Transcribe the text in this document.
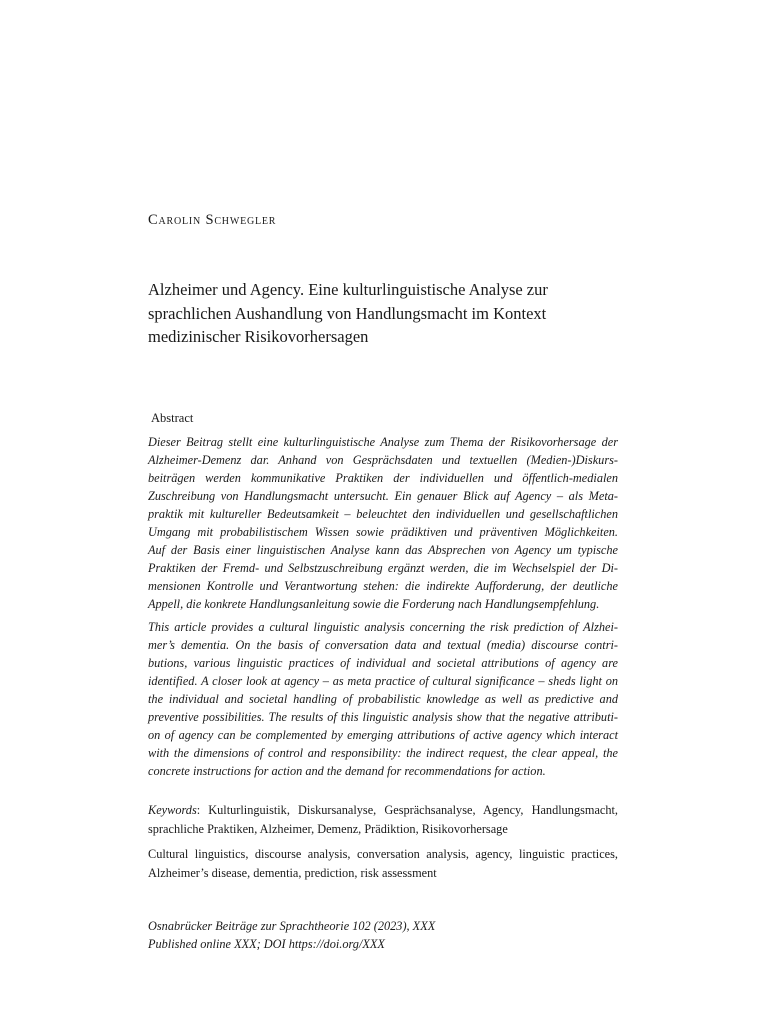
Carolin Schwegler
Alzheimer und Agency. Eine kulturlinguistische Analyse zur
sprachlichen Aushandlung von Handlungsmacht im Kontext
medizinischer Risikovorhersagen
Abstract
Dieser Beitrag stellt eine kulturlinguistische Analyse zum Thema der Risikovorhersage der
Alzheimer-Demenz dar. Anhand von Gesprächsdaten und textuellen (Medien-)Diskurs-
beiträgen werden kommunikative Praktiken der individuellen und öffentlich-medialen
Zuschreibung von Handlungsmacht untersucht. Ein genauer Blick auf Agency – als Meta-
praktik mit kultureller Bedeutsamkeit – beleuchtet den individuellen und gesellschaftlichen
Umgang mit probabilistischem Wissen sowie prädiktiven und präventiven Möglichkeiten.
Auf der Basis einer linguistischen Analyse kann das Absprechen von Agency um typische
Praktiken der Fremd- und Selbstzuschreibung ergänzt werden, die im Wechselspiel der Di-
mensionen Kontrolle und Verantwortung stehen: die indirekte Aufforderung, der deutliche
Appell, die konkrete Handlungsanleitung sowie die Forderung nach Handlungsempfehlung.
This article provides a cultural linguistic analysis concerning the risk prediction of Alzhei-
mer’s dementia. On the basis of conversation data and textual (media) discourse contri-
butions, various linguistic practices of individual and societal attributions of agency are
identified. A closer look at agency – as meta practice of cultural significance – sheds light on
the individual and societal handling of probabilistic knowledge as well as predictive and
preventive possibilities. The results of this linguistic analysis show that the negative attributi-
on of agency can be complemented by emerging attributions of active agency which interact
with the dimensions of control and responsibility: the indirect request, the clear appeal, the
concrete instructions for action and the demand for recommendations for action.
Keywords: Kulturlinguistik, Diskursanalyse, Gesprächsanalyse, Agency, Handlungsmacht,
sprachliche Praktiken, Alzheimer, Demenz, Prädiktion, Risikovorhersage
Cultural linguistics, discourse analysis, conversation analysis, agency, linguistic practices,
Alzheimer’s disease, dementia, prediction, risk assessment
Osnabrücker Beiträge zur Sprachtheorie 102 (2023), XXX
Published online XXX; DOI https://doi.org/XXX
